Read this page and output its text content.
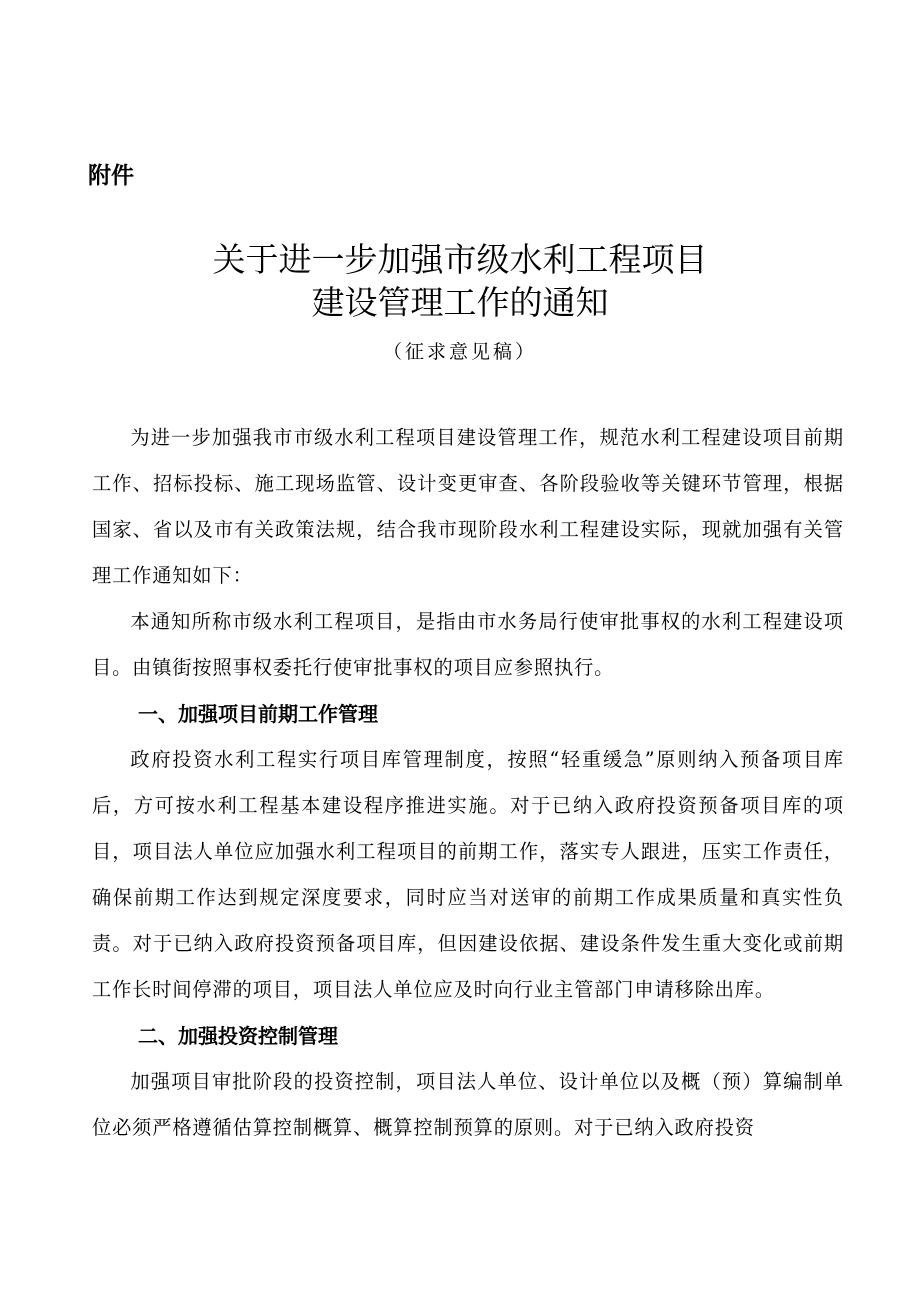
附件
关于进一步加强市级水利工程项目
建设管理工作的通知
（征求意见稿）

为进一步加强我市市级水利工程项目建设管理工作，规范水利工程建设项目前期工作、招标投标、施工现场监管、设计变更审查、各阶段验收等关键环节管理，根据国家、省以及市有关政策法规，结合我市现阶段水利工程建设实际，现就加强有关管理工作通知如下：

本通知所称市级水利工程项目，是指由市水务局行使审批事权的水利工程建设项目。由镇街按照事权委托行使审批事权的项目应参照执行。

一、加强项目前期工作管理

政府投资水利工程实行项目库管理制度，按照“轻重缓急”原则纳入预备项目库后，方可按水利工程基本建设程序推进实施。对于已纳入政府投资预备项目库的项目，项目法人单位应加强水利工程项目的前期工作，落实专人跟进，压实工作责任，确保前期工作达到规定深度要求，同时应当对送审的前期工作成果质量和真实性负责。对于已纳入政府投资预备项目库，但因建设依据、建设条件发生重大变化或前期工作长时间停滞的项目，项目法人单位应及时向行业主管部门申请移除出库。

二、加强投资控制管理

加强项目审批阶段的投资控制，项目法人单位、设计单位以及概（预）算编制单位必须严格遵循估算控制概算、概算控制预算的原则。对于已纳入政府投资
